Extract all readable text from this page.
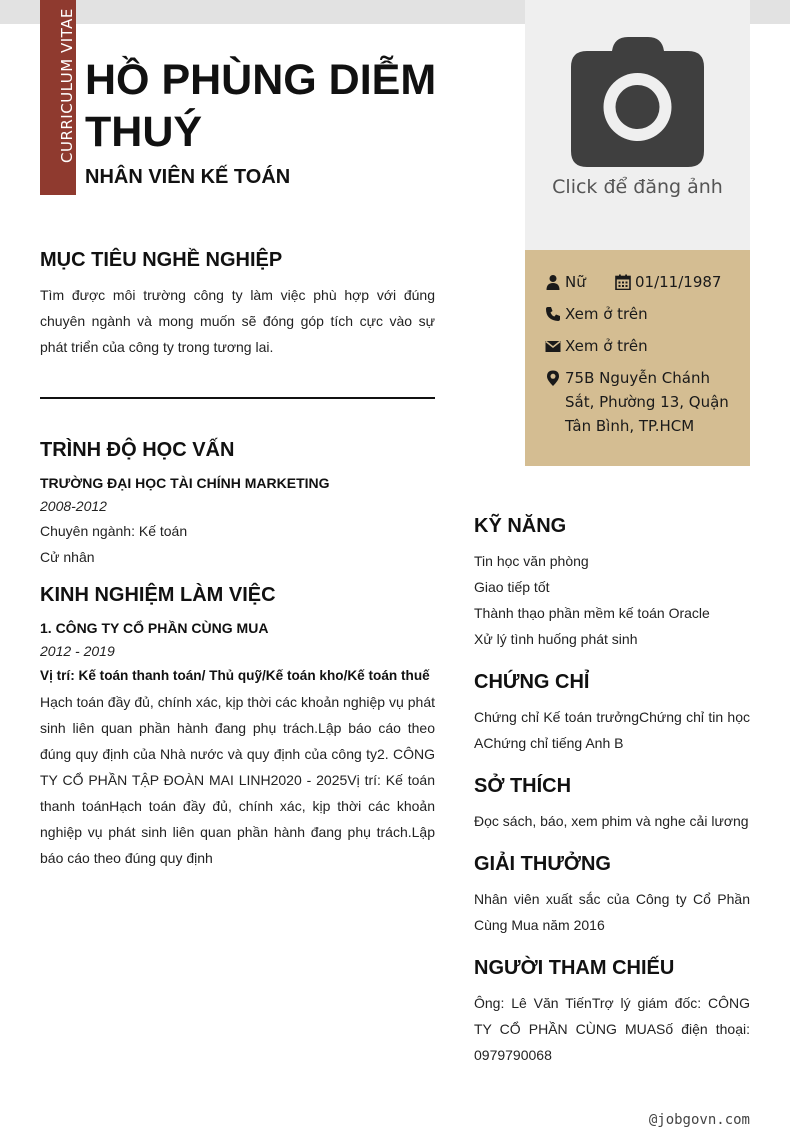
CURRICULUM VITAE HỒ PHÙNG DIỄM THUÝ
NHÂN VIÊN KẾ TOÁN	Click để đăng ảnh
Nữ	01/11/1987
Xem ở trên
Xem ở trên
75B Nguyễn Chánh Sắt, Phường 13, Quận Tân Bình, TP.HCM
MỤC TIÊU NGHỀ NGHIỆP
Tìm được môi trường công ty làm việc phù hợp với đúng chuyên ngành và mong muốn sẽ đóng góp tích cực vào sự phát triển của công ty trong tương lai.
TRÌNH ĐỘ HỌC VẤN
TRƯỜNG ĐẠI HỌC TÀI CHÍNH MARKETING
2008-2012
Chuyên ngành: Kế toán
Cử nhân
KINH NGHIỆM LÀM VIỆC
1. CÔNG TY CỔ PHẦN CÙNG MUA
2012 - 2019
Vị trí: Kế toán thanh toán/ Thủ quỹ/Kế toán kho/Kế toán thuế
Hạch toán đầy đủ, chính xác, kịp thời các khoản nghiệp vụ phát sinh liên quan phần hành đang phụ trách.Lập báo cáo theo đúng quy định của Nhà nước và quy định của công ty2. CÔNG TY CỔ PHẦN TẬP ĐOÀN MAI LINH2020 - 2025Vị trí: Kế toán thanh toánHạch toán đầy đủ, chính xác, kịp thời các khoản nghiệp vụ phát sinh liên quan phần hành đang phụ trách.Lập báo cáo theo đúng quy định
KỸ NĂNG
Tin học văn phòng
Giao tiếp tốt
Thành thạo phần mềm kế toán Oracle
Xử lý tình huống phát sinh
CHỨNG CHỈ
Chứng chỉ Kế toán trưởngChứng chỉ tin học AChứng chỉ tiếng Anh B
SỞ THÍCH
Đọc sách, báo, xem phim và nghe cải lương
GIẢI THƯỞNG
Nhân viên xuất sắc của Công ty Cổ Phần Cùng Mua năm 2016
NGƯỜI THAM CHIẾU
Ông: Lê Văn TiếnTrợ lý giám đốc: CÔNG TY CỔ PHẦN CÙNG MUASố điện thoại: 0979790068
@jobgovn.com
